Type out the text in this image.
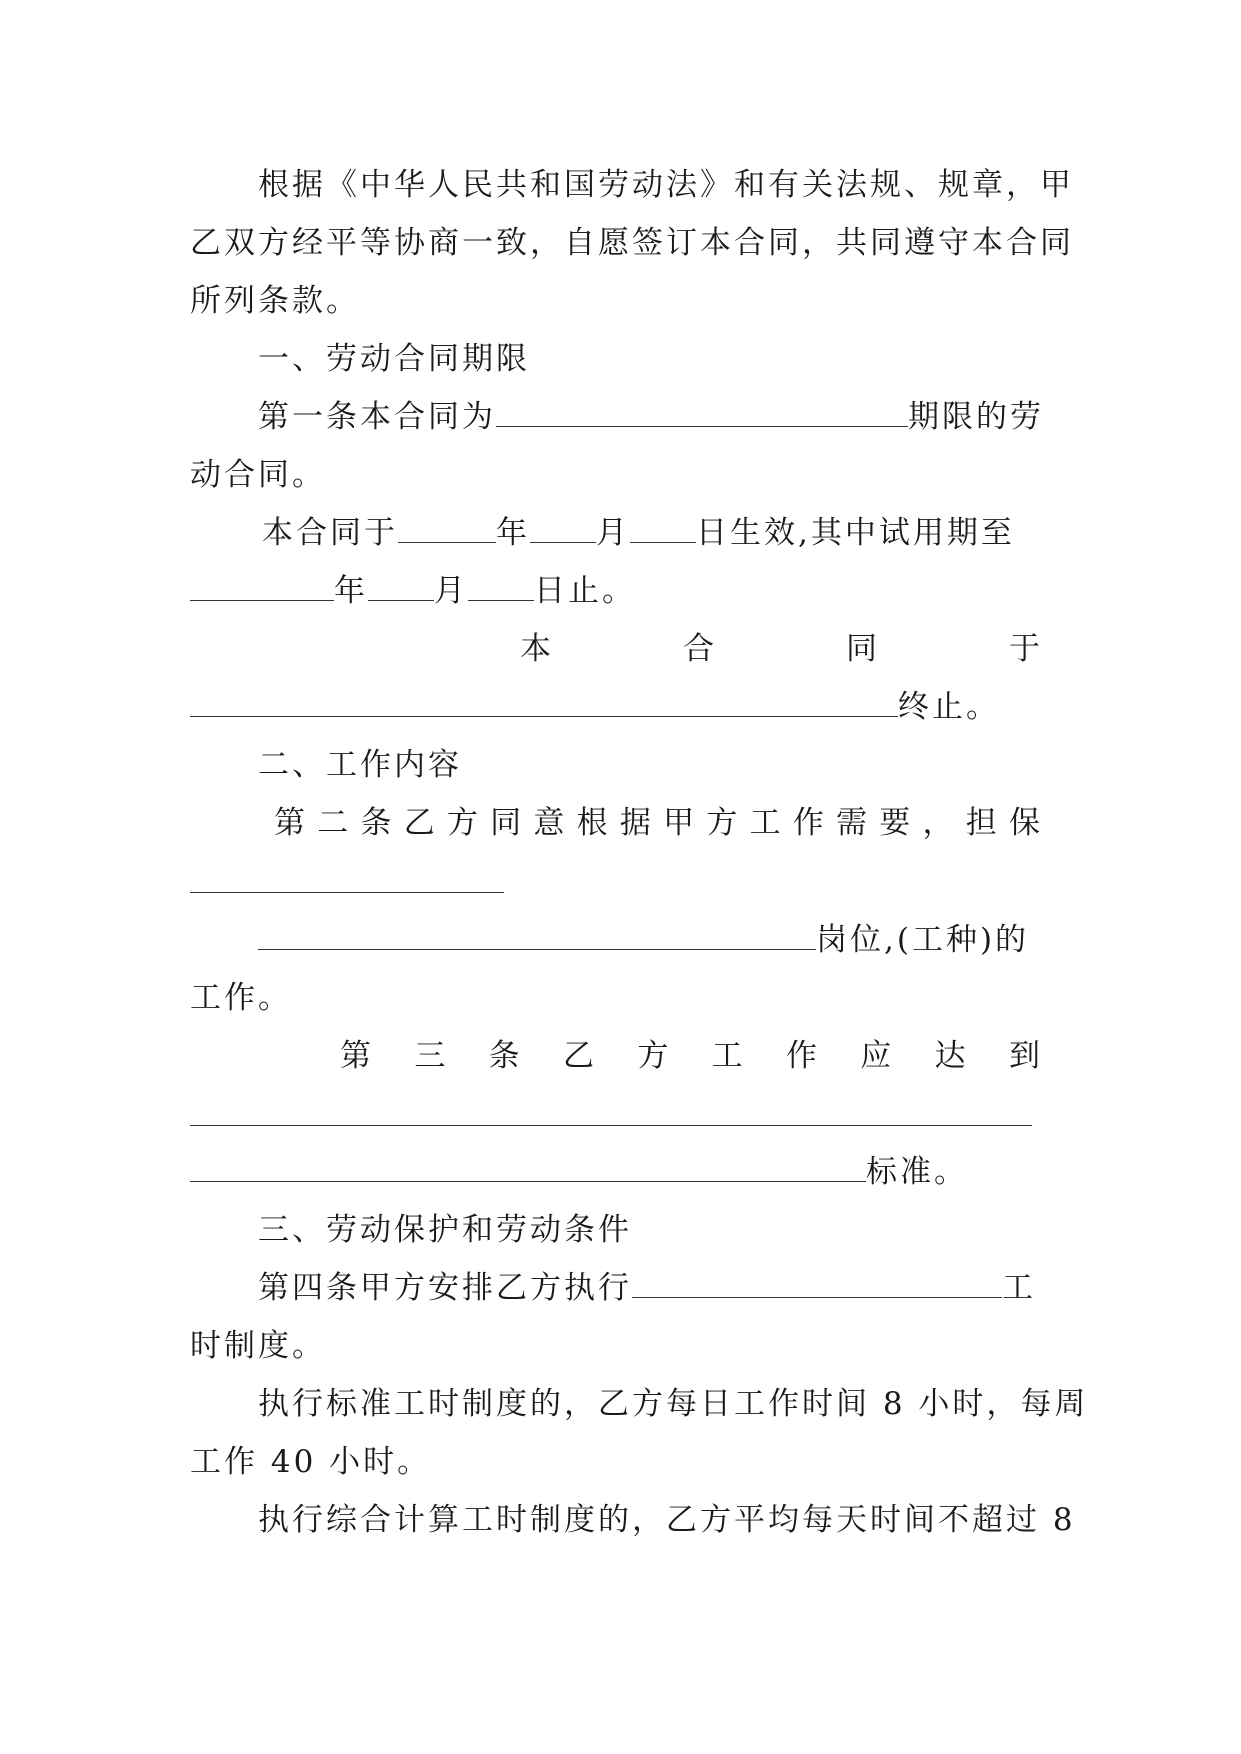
根据《中华人民共和国劳动法》和有关法规、规章，甲
乙双方经平等协商一致，自愿签订本合同，共同遵守本合同
所列条款。
一、劳动合同期限
第一条本合同为	期限的劳
动合同。
本合同于	年 月 日生效,其中试用期至
年 月 日止。
本	合	同	于
终止。
二、工作内容
第 二 条 乙 方 同 意 根 据 甲 方 工 作 需 要 ， 担 保
岗位,(工种)的
工作。
第 三 条 乙 方 工 作 应 达 到
标准。
三、劳动保护和劳动条件
第四条甲方安排乙方执行	工
时制度。
执行标准工时制度的，乙方每日工作时间 8 小时，每周
工作 40 小时。
执行综合计算工时制度的，乙方平均每天时间不超过 8
